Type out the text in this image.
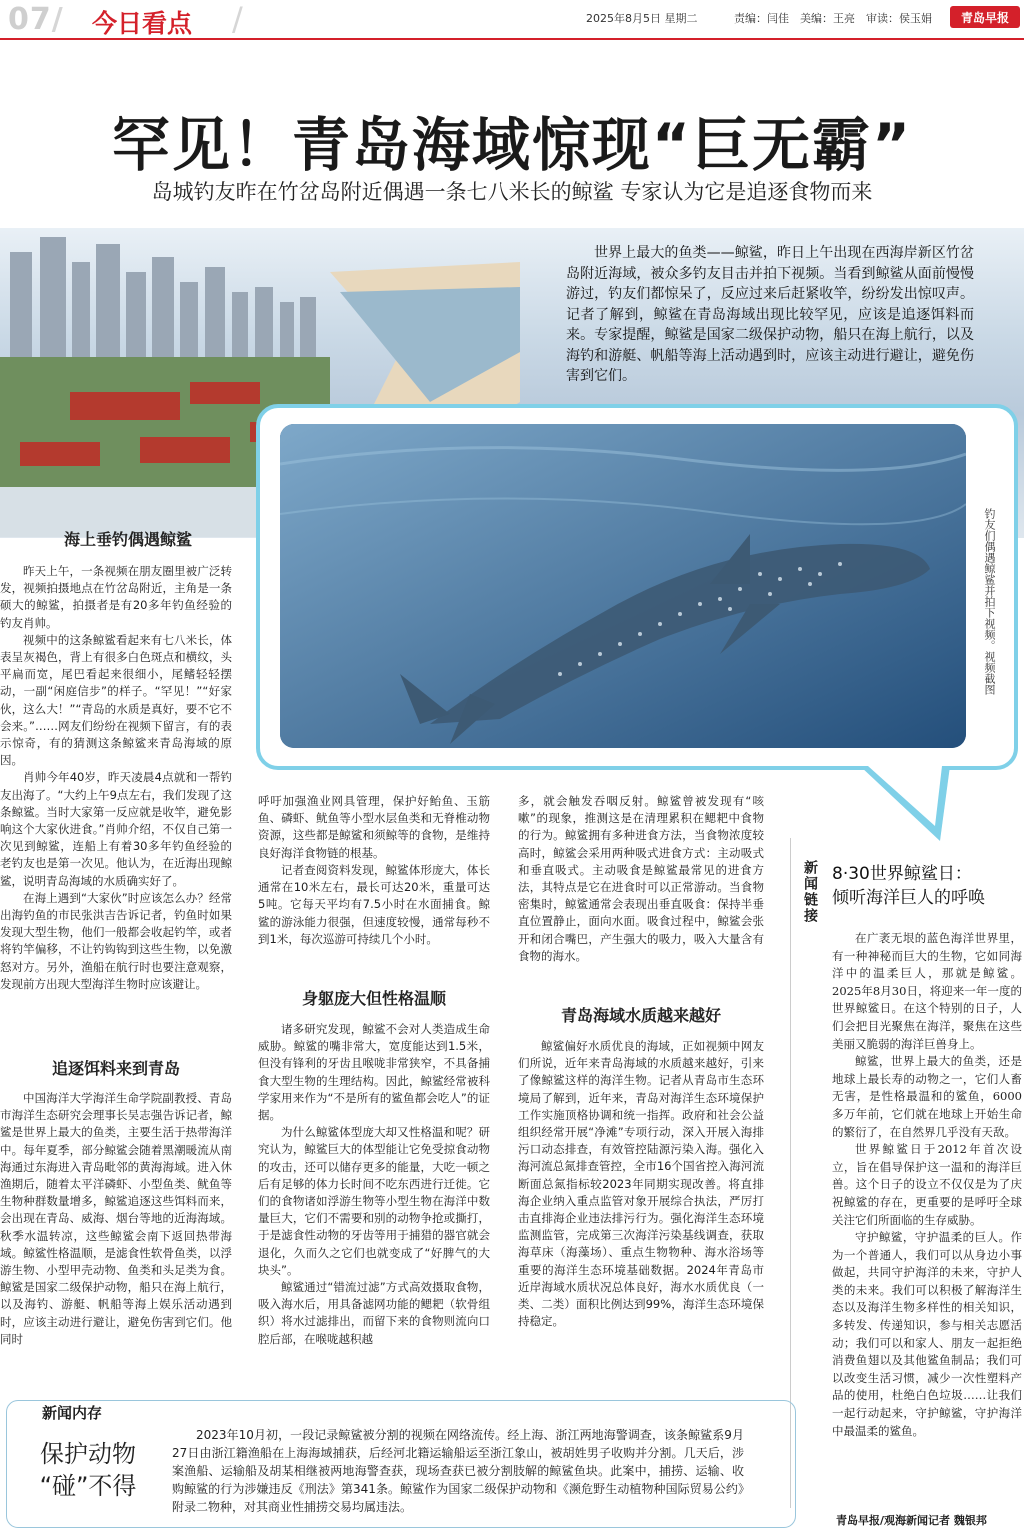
07/ 今日看点 /	2025年8月5日 星期二	责编：闫佳 美编：王亮 审读：侯玉娟	青岛早报
罕见！青岛海域惊现“巨无霸”
岛城钓友昨在竹岔岛附近偶遇一条七八米长的鲸鲨 专家认为它是追逐食物而来

世界上最大的鱼类——鲸鲨，昨日上午出现在西海岸新区竹岔岛附近海域，被众多钓友目击并拍下视频。当看到鲸鲨从面前慢慢游过，钓友们都惊呆了，反应过来后赶紧收竿，纷纷发出惊叹声。记者了解到，鲸鲨在青岛海域出现比较罕见，应该是追逐饵料而来。专家提醒，鲸鲨是国家二级保护动物，船只在海上航行，以及海钓和游艇、帆船等海上活动遇到时，应该主动进行避让，避免伤害到它们。

钓友们偶遇鲸鲨并拍下视频。视频截图
海上垂钓偶遇鲸鲨

昨天上午，一条视频在朋友圈里被广泛转发，视频拍摄地点在竹岔岛附近，主角是一条硕大的鲸鲨，拍摄者是有20多年钓鱼经验的钓友肖帅。

视频中的这条鲸鲨看起来有七八米长，体表呈灰褐色，背上有很多白色斑点和横纹，头平扁而宽，尾巴看起来很细小，尾鳍轻轻摆动，一副“闲庭信步”的样子。“罕见！”“好家伙，这么大！”“青岛的水质是真好，要不它不会来。”……网友们纷纷在视频下留言，有的表示惊奇，有的猜测这条鲸鲨来青岛海域的原因。

肖帅今年40岁，昨天凌晨4点就和一帮钓友出海了。“大约上午9点左右，我们发现了这条鲸鲨。当时大家第一反应就是收竿，避免影响这个大家伙进食。”肖帅介绍，不仅自己第一次见到鲸鲨，连船上有着30多年钓鱼经验的老钓友也是第一次见。他认为，在近海出现鲸鲨，说明青岛海域的水质确实好了。

在海上遇到“大家伙”时应该怎么办？经常出海钓鱼的市民张洪吉告诉记者，钓鱼时如果发现大型生物，他们一般都会收起钓竿，或者将钓竿偏移，不让钓钩钩到这些生物，以免激怒对方。另外，渔船在航行时也要注意观察，发现前方出现大型海洋生物时应该避让。

追逐饵料来到青岛

中国海洋大学海洋生命学院副教授、青岛市海洋生态研究会理事长吴志强告诉记者，鲸鲨是世界上最大的鱼类，主要生活于热带海洋中。每年夏季，部分鲸鲨会随着黑潮暖流从南海通过东海进入青岛毗邻的黄海海域。进入休渔期后，随着太平洋磷虾、小型鱼类、鱿鱼等生物种群数量增多，鲸鲨追逐这些饵料而来，会出现在青岛、威海、烟台等地的近海海域。秋季水温转凉，这些鲸鲨会南下返回热带海域。鲸鲨性格温顺，是滤食性软骨鱼类，以浮游生物、小型甲壳动物、鱼类和头足类为食。鲸鲨是国家二级保护动物，船只在海上航行，以及海钓、游艇、帆船等海上娱乐活动遇到时，应该主动进行避让，避免伤害到它们。他同时

呼吁加强渔业网具管理，保护好鲐鱼、玉筋鱼、磷虾、鱿鱼等小型水层鱼类和无脊椎动物资源，这些都是鲸鲨和须鲸等的食物，是维持良好海洋食物链的根基。

记者查阅资料发现，鲸鲨体形庞大，体长通常在10米左右，最长可达20米，重量可达5吨。它每天平均有7.5小时在水面捕食。鲸鲨的游泳能力很强，但速度较慢，通常每秒不到1米，每次巡游可持续几个小时。

身躯庞大但性格温顺

诸多研究发现，鲸鲨不会对人类造成生命威胁。鲸鲨的嘴非常大，宽度能达到1.5米，但没有锋利的牙齿且喉咙非常狭窄，不具备捕食大型生物的生理结构。因此，鲸鲨经常被科学家用来作为“不是所有的鲨鱼都会吃人”的证据。

为什么鲸鲨体型庞大却又性格温和呢？研究认为，鲸鲨巨大的体型能让它免受掠食动物的攻击，还可以储存更多的能量，大吃一顿之后有足够的体力长时间不吃东西进行迁徙。它们的食物诸如浮游生物等小型生物在海洋中数量巨大，它们不需要和别的动物争抢或撕打，于是滤食性动物的牙齿等用于捕猎的器官就会退化，久而久之它们也就变成了“好脾气的大块头”。

鲸鲨通过“错流过滤”方式高效摄取食物，吸入海水后，用具备滤网功能的鳃耙（软骨组织）将水过滤排出，而留下来的食物则流向口腔后部，在喉咙越积越

多，就会触发吞咽反射。鲸鲨曾被发现有“咳嗽”的现象，推测这是在清理累积在鳃耙中食物的行为。鲸鲨拥有多种进食方法，当食物浓度较高时，鲸鲨会采用两种吸式进食方式：主动吸式和垂直吸式。主动吸食是鲸鲨最常见的进食方法，其特点是它在进食时可以正常游动。当食物密集时，鲸鲨通常会表现出垂直吸食：保持半垂直位置静止，面向水面。吸食过程中，鲸鲨会张开和闭合嘴巴，产生强大的吸力，吸入大量含有食物的海水。

青岛海域水质越来越好

鲸鲨偏好水质优良的海域，正如视频中网友们所说，近年来青岛海域的水质越来越好，引来了像鲸鲨这样的海洋生物。记者从青岛市生态环境局了解到，近年来，青岛对海洋生态环境保护工作实施顶格协调和统一指挥。政府和社会公益组织经常开展“净滩”专项行动，深入开展入海排污口动态排查，有效管控陆源污染入海。强化入海河流总氮排查管控，全市16个国省控入海河流断面总氮指标较2023年同期实现改善。将直排海企业纳入重点监管对象开展综合执法，严厉打击直排海企业违法排污行为。强化海洋生态环境监测监管，完成第三次海洋污染基线调查，获取海草床（海藻场）、重点生物物种、海水浴场等重要的海洋生态环境基础数据。2024年青岛市近岸海域水质状况总体良好，海水水质优良（一类、二类）面积比例达到99%，海洋生态环境保持稳定。

新闻链接 8·30世界鲸鲨日：
倾听海洋巨人的呼唤

在广袤无垠的蓝色海洋世界里，有一种神秘而巨大的生物，它如同海洋中的温柔巨人，那就是鲸鲨。2025年8月30日，将迎来一年一度的世界鲸鲨日。在这个特别的日子，人们会把目光聚焦在海洋，聚焦在这些美丽又脆弱的海洋巨兽身上。

鲸鲨，世界上最大的鱼类，还是地球上最长寿的动物之一，它们人畜无害，是性格最温和的鲨鱼，6000多万年前，它们就在地球上开始生命的繁衍了，在自然界几乎没有天敌。

世界鲸鲨日于2012年首次设立，旨在倡导保护这一温和的海洋巨兽。这个日子的设立不仅仅是为了庆祝鲸鲨的存在，更重要的是呼吁全球关注它们所面临的生存威胁。

守护鲸鲨，守护温柔的巨人。作为一个普通人，我们可以从身边小事做起，共同守护海洋的未来，守护人类的未来。我们可以积极了解海洋生态以及海洋生物多样性的相关知识，多转发、传递知识，参与相关志愿活动；我们可以和家人、朋友一起拒绝消费鱼翅以及其他鲨鱼制品；我们可以改变生活习惯，减少一次性塑料产品的使用，杜绝白色垃圾……让我们一起行动起来，守护鲸鲨，守护海洋中最温柔的鲨鱼。

青岛早报/观海新闻记者 魏银邦
新闻内存
保护动物
“碰”不得
2023年10月初，一段记录鲸鲨被分割的视频在网络流传。经上海、浙江两地海警调查，该条鲸鲨系9月27日由浙江籍渔船在上海海域捕获，后经河北籍运输船运至浙江象山，被胡姓男子收购并分割。几天后，涉案渔船、运输船及胡某相继被两地海警查获，现场查获已被分割肢解的鲸鲨鱼块。此案中，捕捞、运输、收购鲸鲨的行为涉嫌违反《刑法》第341条。鲸鲨作为国家二级保护动物和《濒危野生动植物种国际贸易公约》附录二物种，对其商业性捕捞交易均属违法。
